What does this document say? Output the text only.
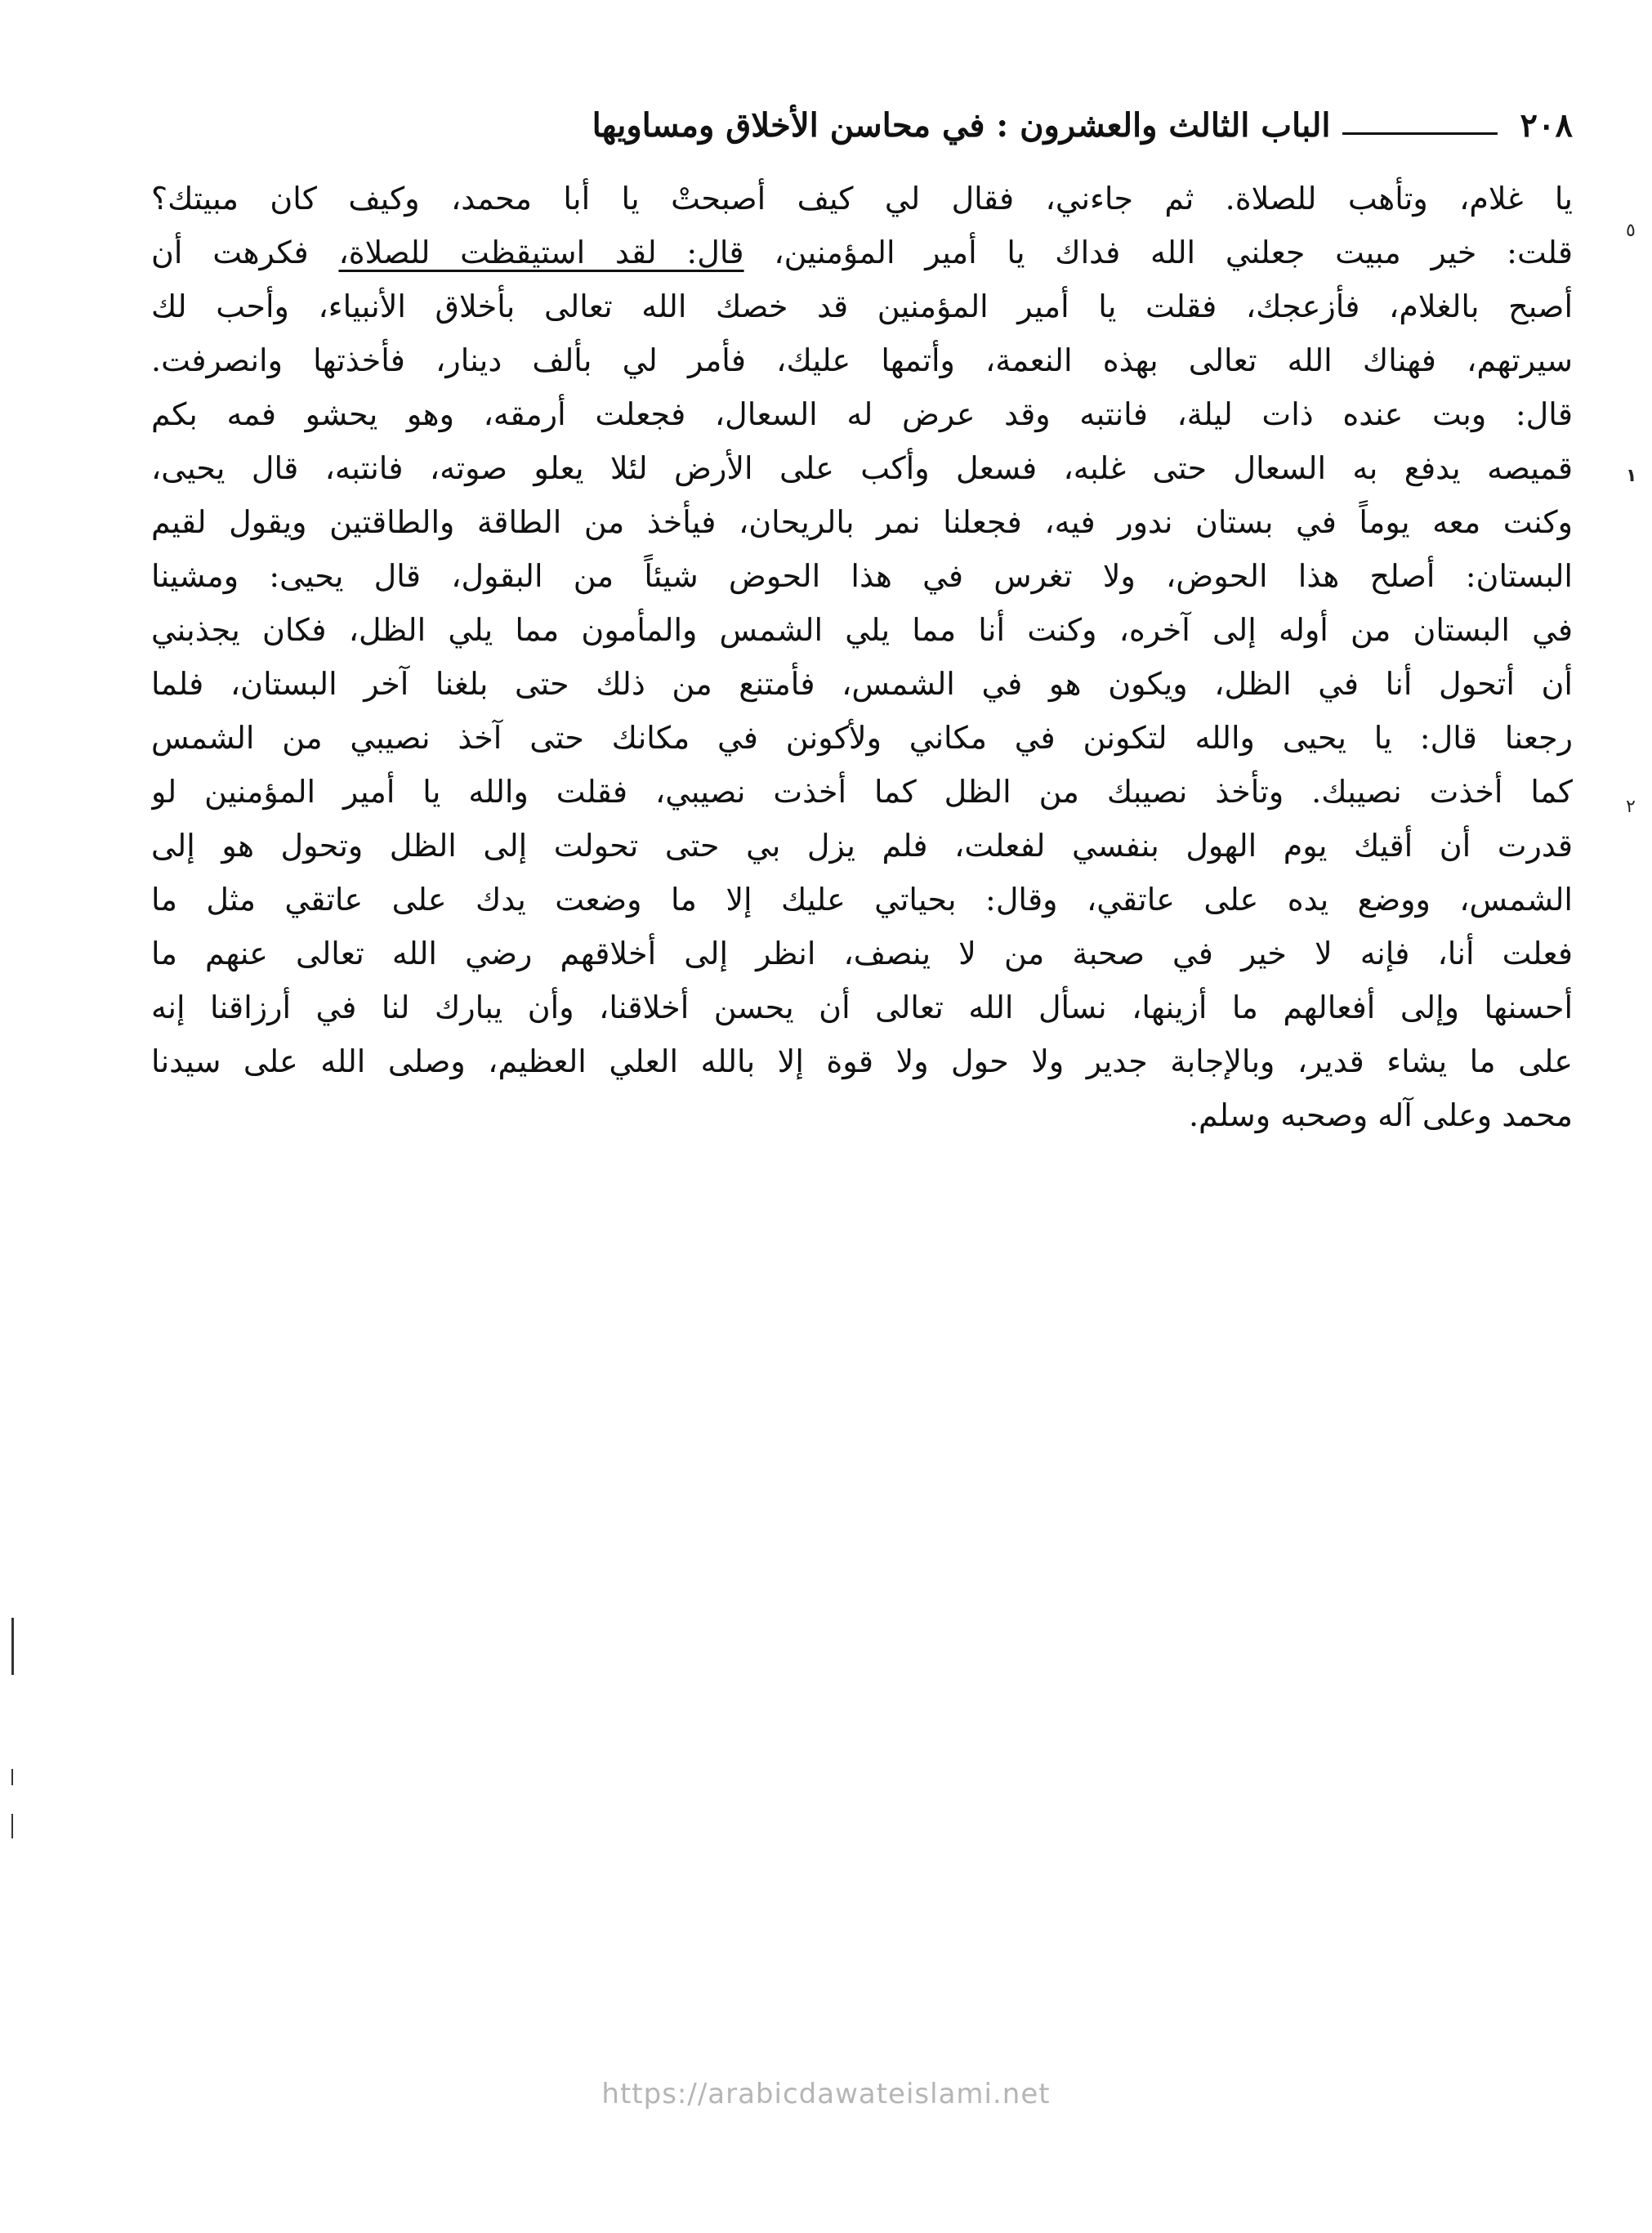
٢٠٨
الباب الثالث والعشرون : في محاسن الأخلاق ومساويها
يا غلام، وتأهب للصلاة. ثم جاءني، فقال لي كيف أصبحتْ يا أبا محمد، وكيف كان مبيتك؟
قلت: خير مبيت جعلني الله فداك يا أمير المؤمنين، قال: لقد استيقظت للصلاة، فكرهت أن
أصبح بالغلام، فأزعجك، فقلت يا أمير المؤمنين قد خصك الله تعالى بأخلاق الأنبياء، وأحب لك
سيرتهم، فهناك الله تعالى بهذه النعمة، وأتمها عليك، فأمر لي بألف دينار، فأخذتها وانصرفت.
قال: وبت عنده ذات ليلة، فانتبه وقد عرض له السعال، فجعلت أرمقه، وهو يحشو فمه بكم
قميصه يدفع به السعال حتى غلبه، فسعل وأكب على الأرض لئلا يعلو صوته، فانتبه، قال يحيى،
وكنت معه يوماً في بستان ندور فيه، فجعلنا نمر بالريحان، فيأخذ من الطاقة والطاقتين ويقول لقيم
البستان: أصلح هذا الحوض، ولا تغرس في هذا الحوض شيئاً من البقول، قال يحيى: ومشينا
في البستان من أوله إلى آخره، وكنت أنا مما يلي الشمس والمأمون مما يلي الظل، فكان يجذبني
أن أتحول أنا في الظل، ويكون هو في الشمس، فأمتنع من ذلك حتى بلغنا آخر البستان، فلما
رجعنا قال: يا يحيى والله لتكونن في مكاني ولأكونن في مكانك حتى آخذ نصيبي من الشمس
كما أخذت نصيبك. وتأخذ نصيبك من الظل كما أخذت نصيبي، فقلت والله يا أمير المؤمنين لو
قدرت أن أقيك يوم الهول بنفسي لفعلت، فلم يزل بي حتى تحولت إلى الظل وتحول هو إلى
الشمس، ووضع يده على عاتقي، وقال: بحياتي عليك إلا ما وضعت يدك على عاتقي مثل ما
فعلت أنا، فإنه لا خير في صحبة من لا ينصف، انظر إلى أخلاقهم رضي الله تعالى عنهم ما
أحسنها وإلى أفعالهم ما أزينها، نسأل الله تعالى أن يحسن أخلاقنا، وأن يبارك لنا في أرزاقنا إنه
على ما يشاء قدير، وبالإجابة جدير ولا حول ولا قوة إلا بالله العلي العظيم، وصلى الله على سيدنا
محمد وعلى آله وصحبه وسلم.
٥
١
٢
https://arabicdawateislami.net
